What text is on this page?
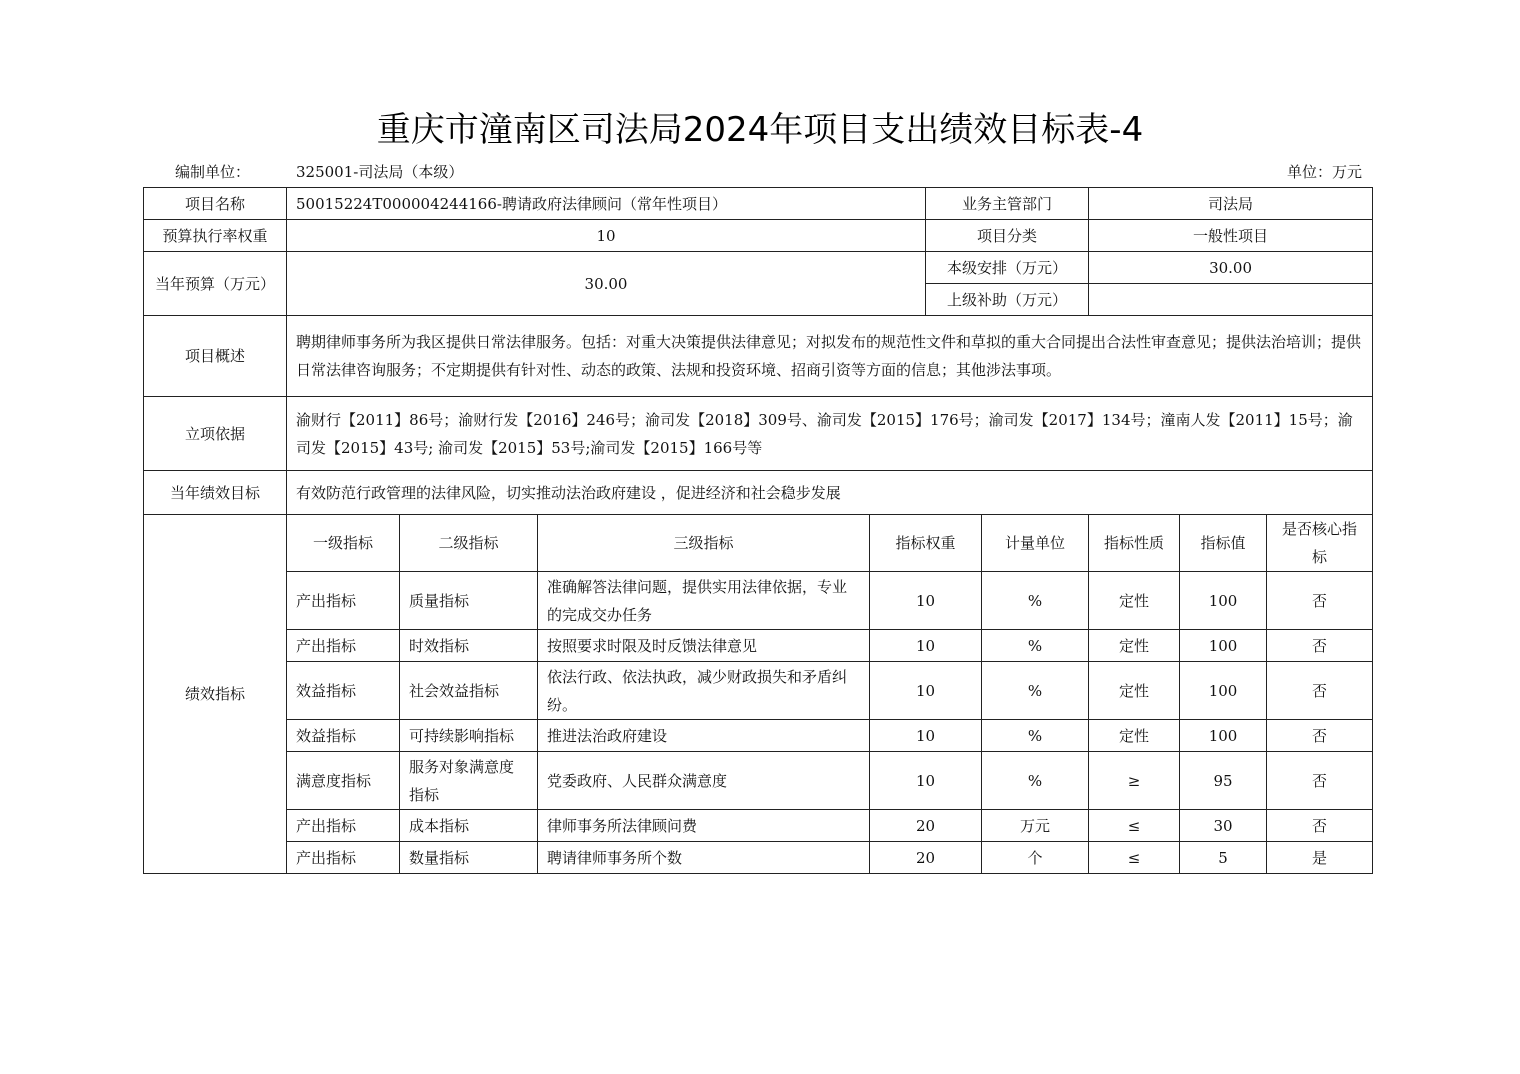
重庆市潼南区司法局2024年项目支出绩效目标表-4
编制单位：	325001-司法局（本级）	单位：万元
项目名称	50015224T000004244166-聘请政府法律顾问（常年性项目）				业务主管部门		司法局		
预算执行率权重	10				项目分类		一般性项目		
当年预算（万元）	30.00				本级安排（万元）		30.00		
					上级补助（万元）				
项目概述	聘期律师事务所为我区提供日常法律服务。包括：对重大决策提供法律意见；对拟发布的规范性文件和草拟的重大合同提出合法性审查意见；提供法治培训；提供日常法律咨询服务；不定期提供有针对性、动态的政策、法规和投资环境、招商引资等方面的信息；其他涉法事项。								
立项依据	渝财行【2011】86号；渝财行发【2016】246号；渝司发【2018】309号、渝司发【2015】176号；渝司发【2017】134号；潼南人发【2011】15号；渝司发【2015】43号; 渝司发【2015】53号;渝司发【2015】166号等								
当年绩效目标	有效防范行政管理的法律风险，切实推动法治政府建设 ，促进经济和社会稳步发展								
绩效指标	一级指标	二级指标	三级指标	指标权重		计量单位	指标性质	指标值	是否核心指标
	产出指标	质量指标	准确解答法律问题，提供实用法律依据，专业的完成交办任务	10		%	定性	100	否
	产出指标	时效指标	按照要求时限及时反馈法律意见	10		%	定性	100	否
	效益指标	社会效益指标	依法行政、依法执政，减少财政损失和矛盾纠纷。	10		%	定性	100	否
	效益指标	可持续影响指标	推进法治政府建设	10		%	定性	100	否
	满意度指标	服务对象满意度指标	党委政府、人民群众满意度	10		%	≥	95	否
	产出指标	成本指标	律师事务所法律顾问费	20		万元	≤	30	否
	产出指标	数量指标	聘请律师事务所个数	20		个	≤	5	是
